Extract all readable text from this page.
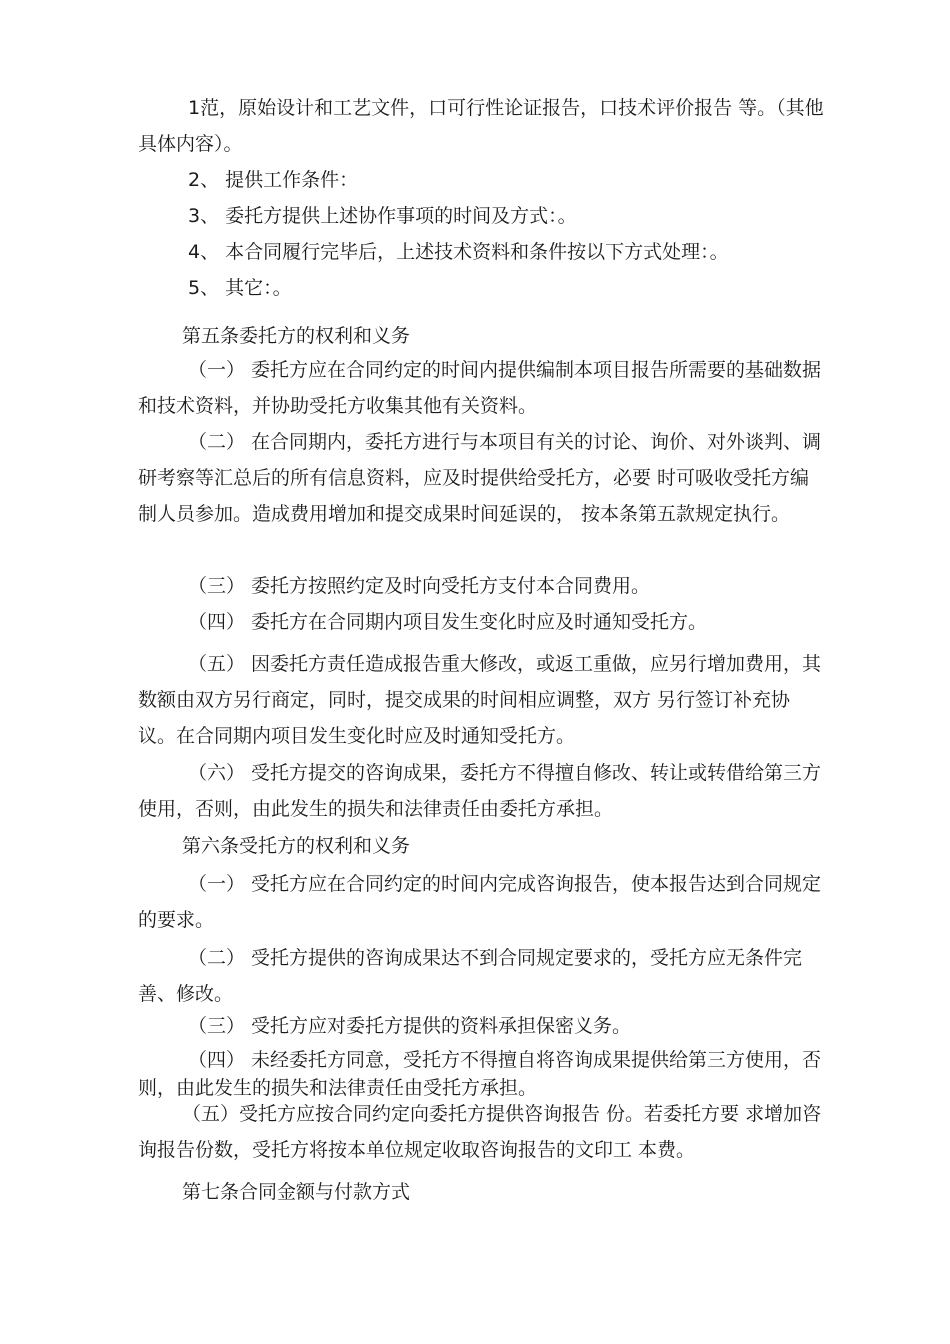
1范，原始设计和工艺文件，口可行性论证报告，口技术评价报告 等。（其他具体内容）。

2、 提供工作条件：

3、 委托方提供上述协作事项的时间及方式：。

4、 本合同履行完毕后，上述技术资料和条件按以下方式处理：。

5、 其它：。

第五条委托方的权利和义务

（一） 委托方应在合同约定的时间内提供编制本项目报告所需要的基础数据和技术资料，并协助受托方收集其他有关资料。

（二） 在合同期内，委托方进行与本项目有关的讨论、询价、对外谈判、调研考察等汇总后的所有信息资料，应及时提供给受托方，必要 时可吸收受托方编制人员参加。造成费用增加和提交成果时间延误的， 按本条第五款规定执行。

（三） 委托方按照约定及时向受托方支付本合同费用。

（四） 委托方在合同期内项目发生变化时应及时通知受托方。

（五） 因委托方责任造成报告重大修改，或返工重做，应另行增加费用，其数额由双方另行商定，同时，提交成果的时间相应调整，双方 另行签订补充协议。在合同期内项目发生变化时应及时通知受托方。

（六） 受托方提交的咨询成果，委托方不得擅自修改、转让或转借给第三方使用，否则，由此发生的损失和法律责任由委托方承担。

第六条受托方的权利和义务

（一） 受托方应在合同约定的时间内完成咨询报告，使本报告达到合同规定的要求。

（二） 受托方提供的咨询成果达不到合同规定要求的，受托方应无条件完善、修改。

（三） 受托方应对委托方提供的资料承担保密义务。

（四） 未经委托方同意，受托方不得擅自将咨询成果提供给第三方使用，否则，由此发生的损失和法律责任由受托方承担。

（五）受托方应按合同约定向委托方提供咨询报告 份。若委托方要 求增加咨询报告份数，受托方将按本单位规定收取咨询报告的文印工 本费。

第七条合同金额与付款方式
